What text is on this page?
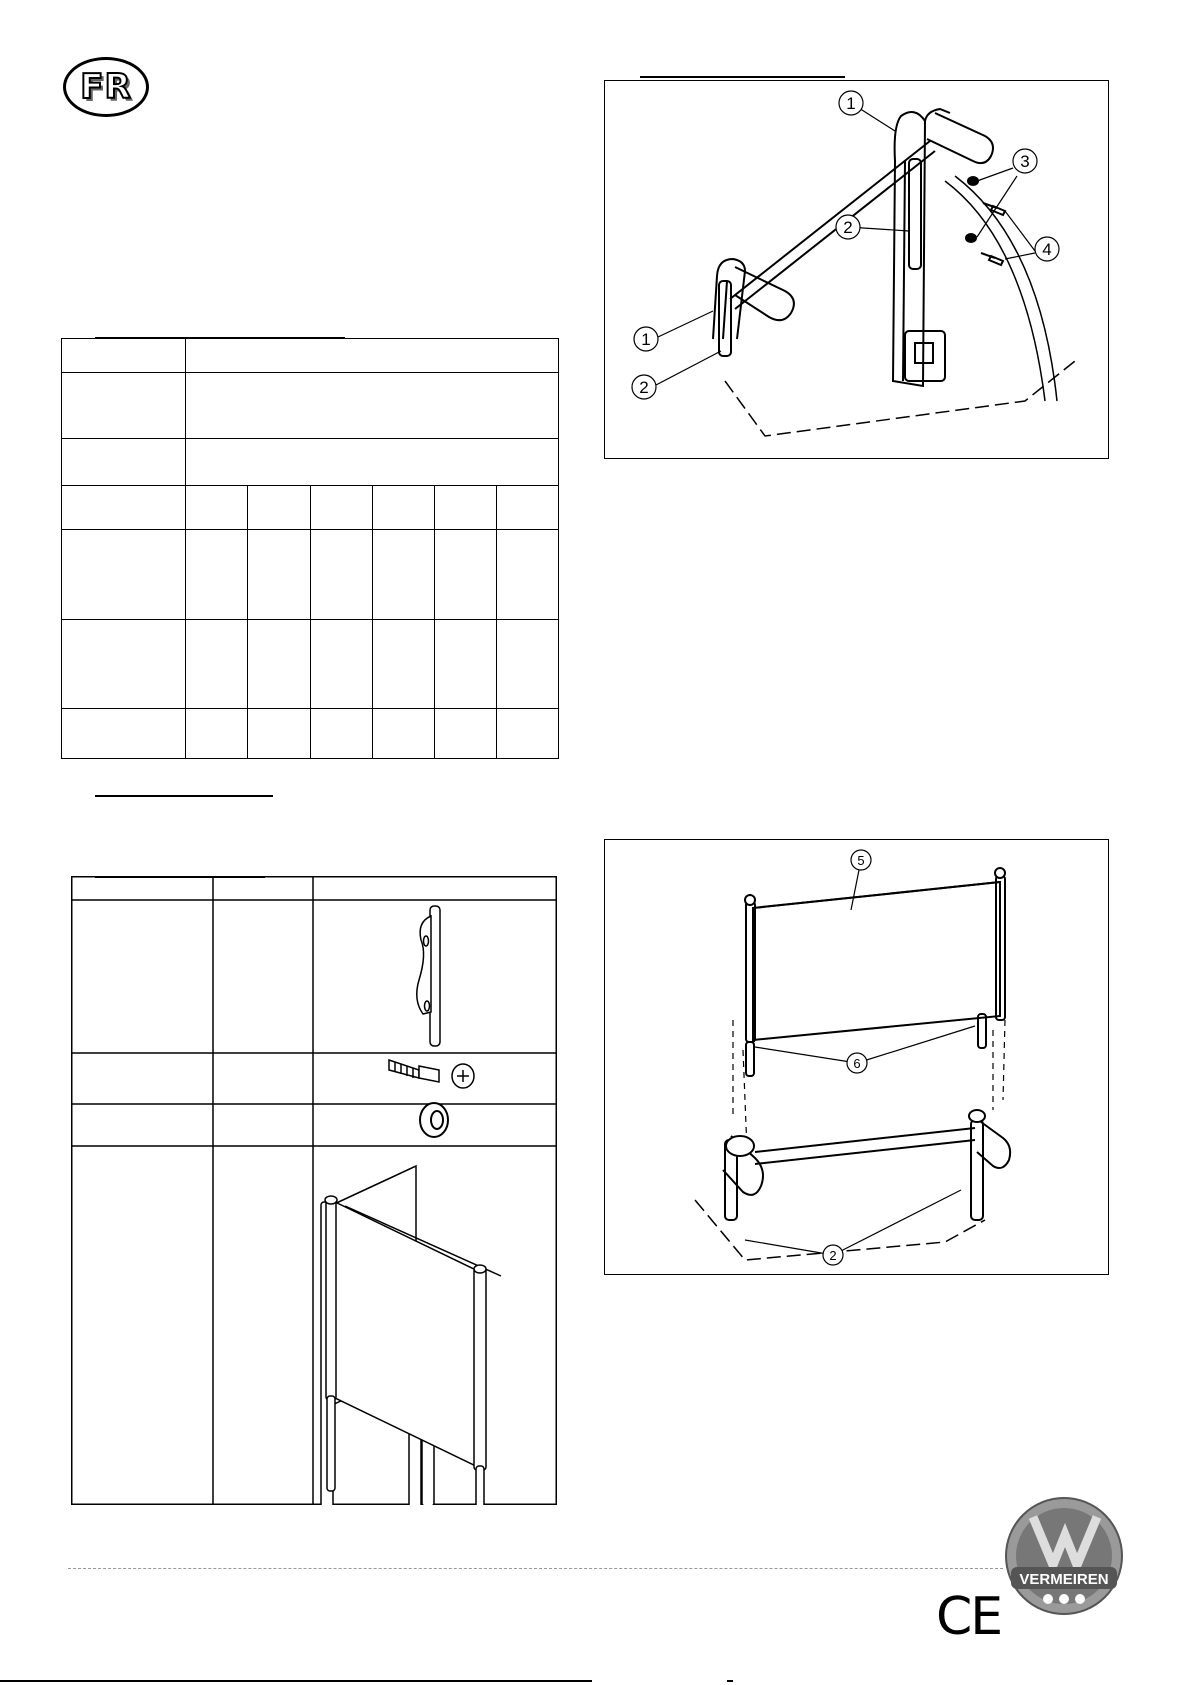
FR

							1
2
3
4
1
2
5
6
2
VERMEIREN
CE
